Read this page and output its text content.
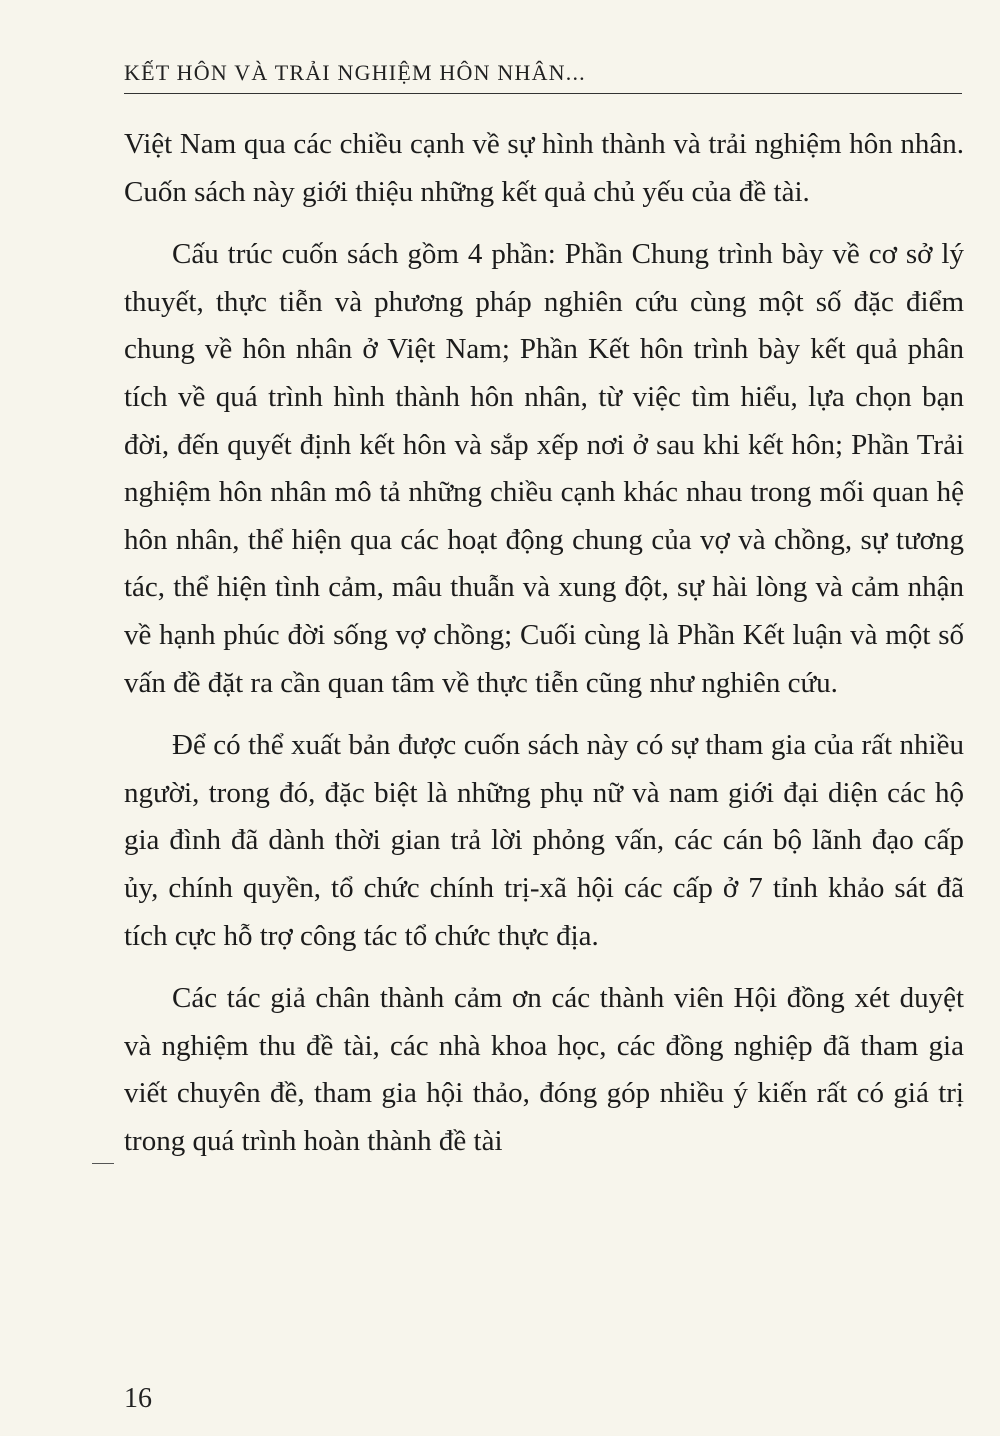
KẾT HÔN VÀ TRẢI NGHIỆM HÔN NHÂN...

Việt Nam qua các chiều cạnh về sự hình thành và trải nghiệm hôn nhân. Cuốn sách này giới thiệu những kết quả chủ yếu của đề tài.

Cấu trúc cuốn sách gồm 4 phần: Phần Chung trình bày về cơ sở lý thuyết, thực tiễn và phương pháp nghiên cứu cùng một số đặc điểm chung về hôn nhân ở Việt Nam; Phần Kết hôn trình bày kết quả phân tích về quá trình hình thành hôn nhân, từ việc tìm hiểu, lựa chọn bạn đời, đến quyết định kết hôn và sắp xếp nơi ở sau khi kết hôn; Phần Trải nghiệm hôn nhân mô tả những chiều cạnh khác nhau trong mối quan hệ hôn nhân, thể hiện qua các hoạt động chung của vợ và chồng, sự tương tác, thể hiện tình cảm, mâu thuẫn và xung đột, sự hài lòng và cảm nhận về hạnh phúc đời sống vợ chồng; Cuối cùng là Phần Kết luận và một số vấn đề đặt ra cần quan tâm về thực tiễn cũng như nghiên cứu.

Để có thể xuất bản được cuốn sách này có sự tham gia của rất nhiều người, trong đó, đặc biệt là những phụ nữ và nam giới đại diện các hộ gia đình đã dành thời gian trả lời phỏng vấn, các cán bộ lãnh đạo cấp ủy, chính quyền, tổ chức chính trị-xã hội các cấp ở 7 tỉnh khảo sát đã tích cực hỗ trợ công tác tổ chức thực địa.

Các tác giả chân thành cảm ơn các thành viên Hội đồng xét duyệt và nghiệm thu đề tài, các nhà khoa học, các đồng nghiệp đã tham gia viết chuyên đề, tham gia hội thảo, đóng góp nhiều ý kiến rất có giá trị trong quá trình hoàn thành đề tài

16
